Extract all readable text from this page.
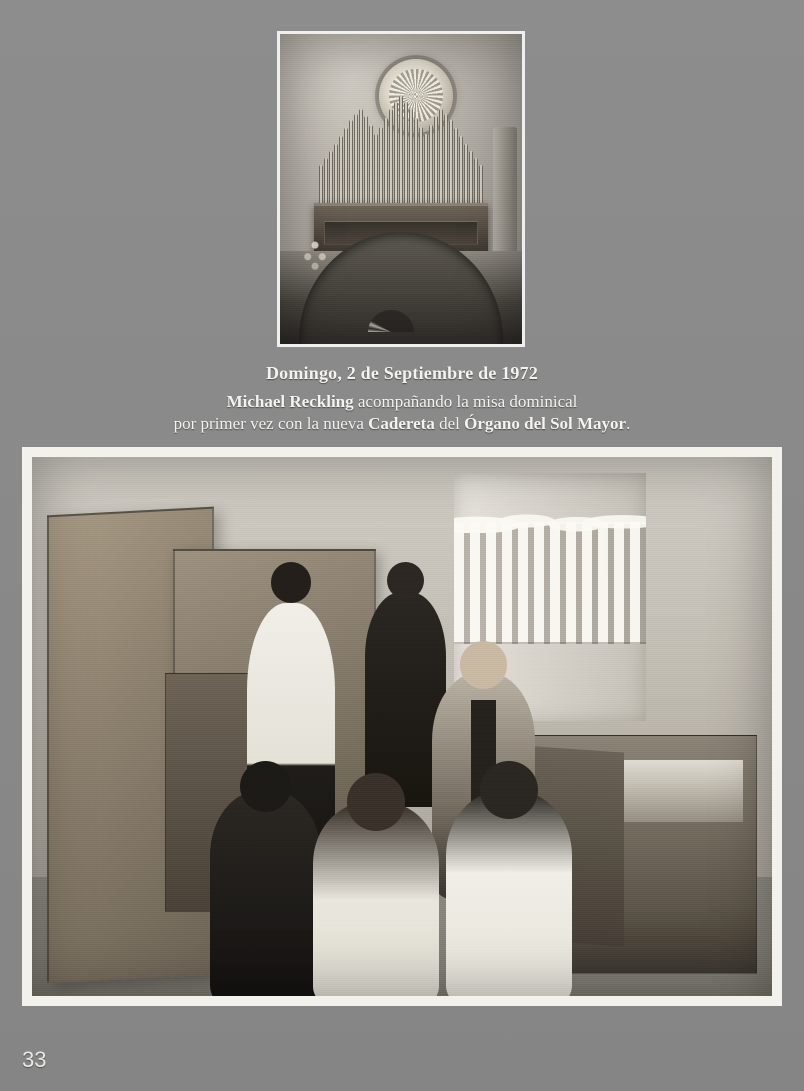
Domingo, 2 de Septiembre de 1972
Michael Reckling acompañando la misa dominical
por primer vez con la nueva Cadereta del Órgano del Sol Mayor.
33
